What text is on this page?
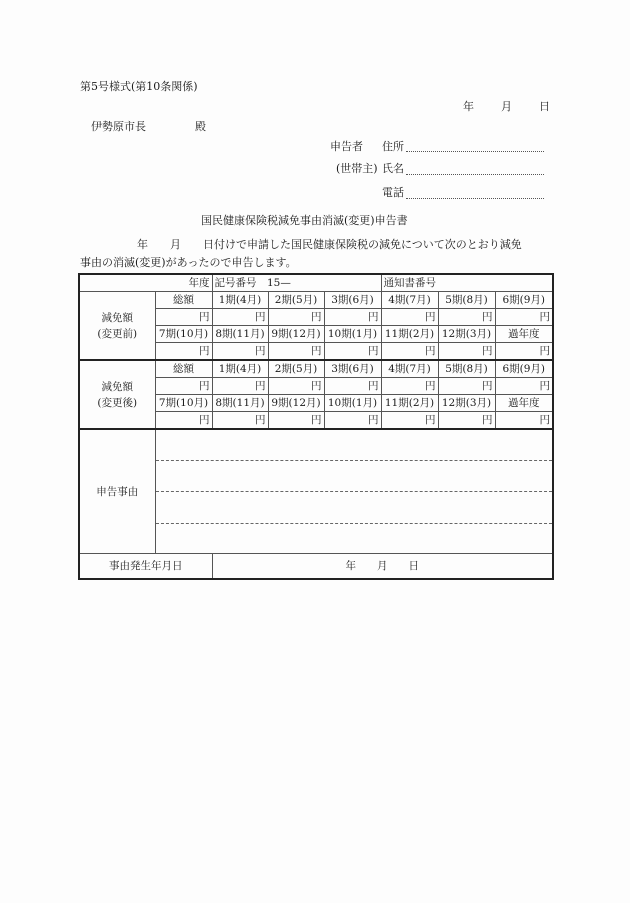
第5号様式(第10条関係)
年 月 日
伊勢原市長	殿
申告者 住所
(世帯主) 氏名
電話
国民健康保険税減免事由消滅(変更)申告書
年　　月　　日付けで申請した国民健康保険税の減免について次のとおり減免
事由の消滅(変更)があったので申告します。
年度		記号番号　15—			通知書番号		

減免額
(変更前)	総額	1期(4月)	2期(5月)	3期(6月)	4期(7月)	5期(8月)	6期(9月)
	円	円	円	円	円	円	円
	7期(10月)	8期(11月)	9期(12月)	10期(1月)	11期(2月)	12期(3月)	過年度
	円	円	円	円	円	円	円

減免額
(変更後)	総額	1期(4月)	2期(5月)	3期(6月)	4期(7月)	5期(8月)	6期(9月)
	円	円	円	円	円	円	円
	7期(10月)	8期(11月)	9期(12月)	10期(1月)	11期(2月)	12期(3月)	過年度
	円	円	円	円	円	円	円
申告事由							

事由発生年月日		年　　月　　日					
